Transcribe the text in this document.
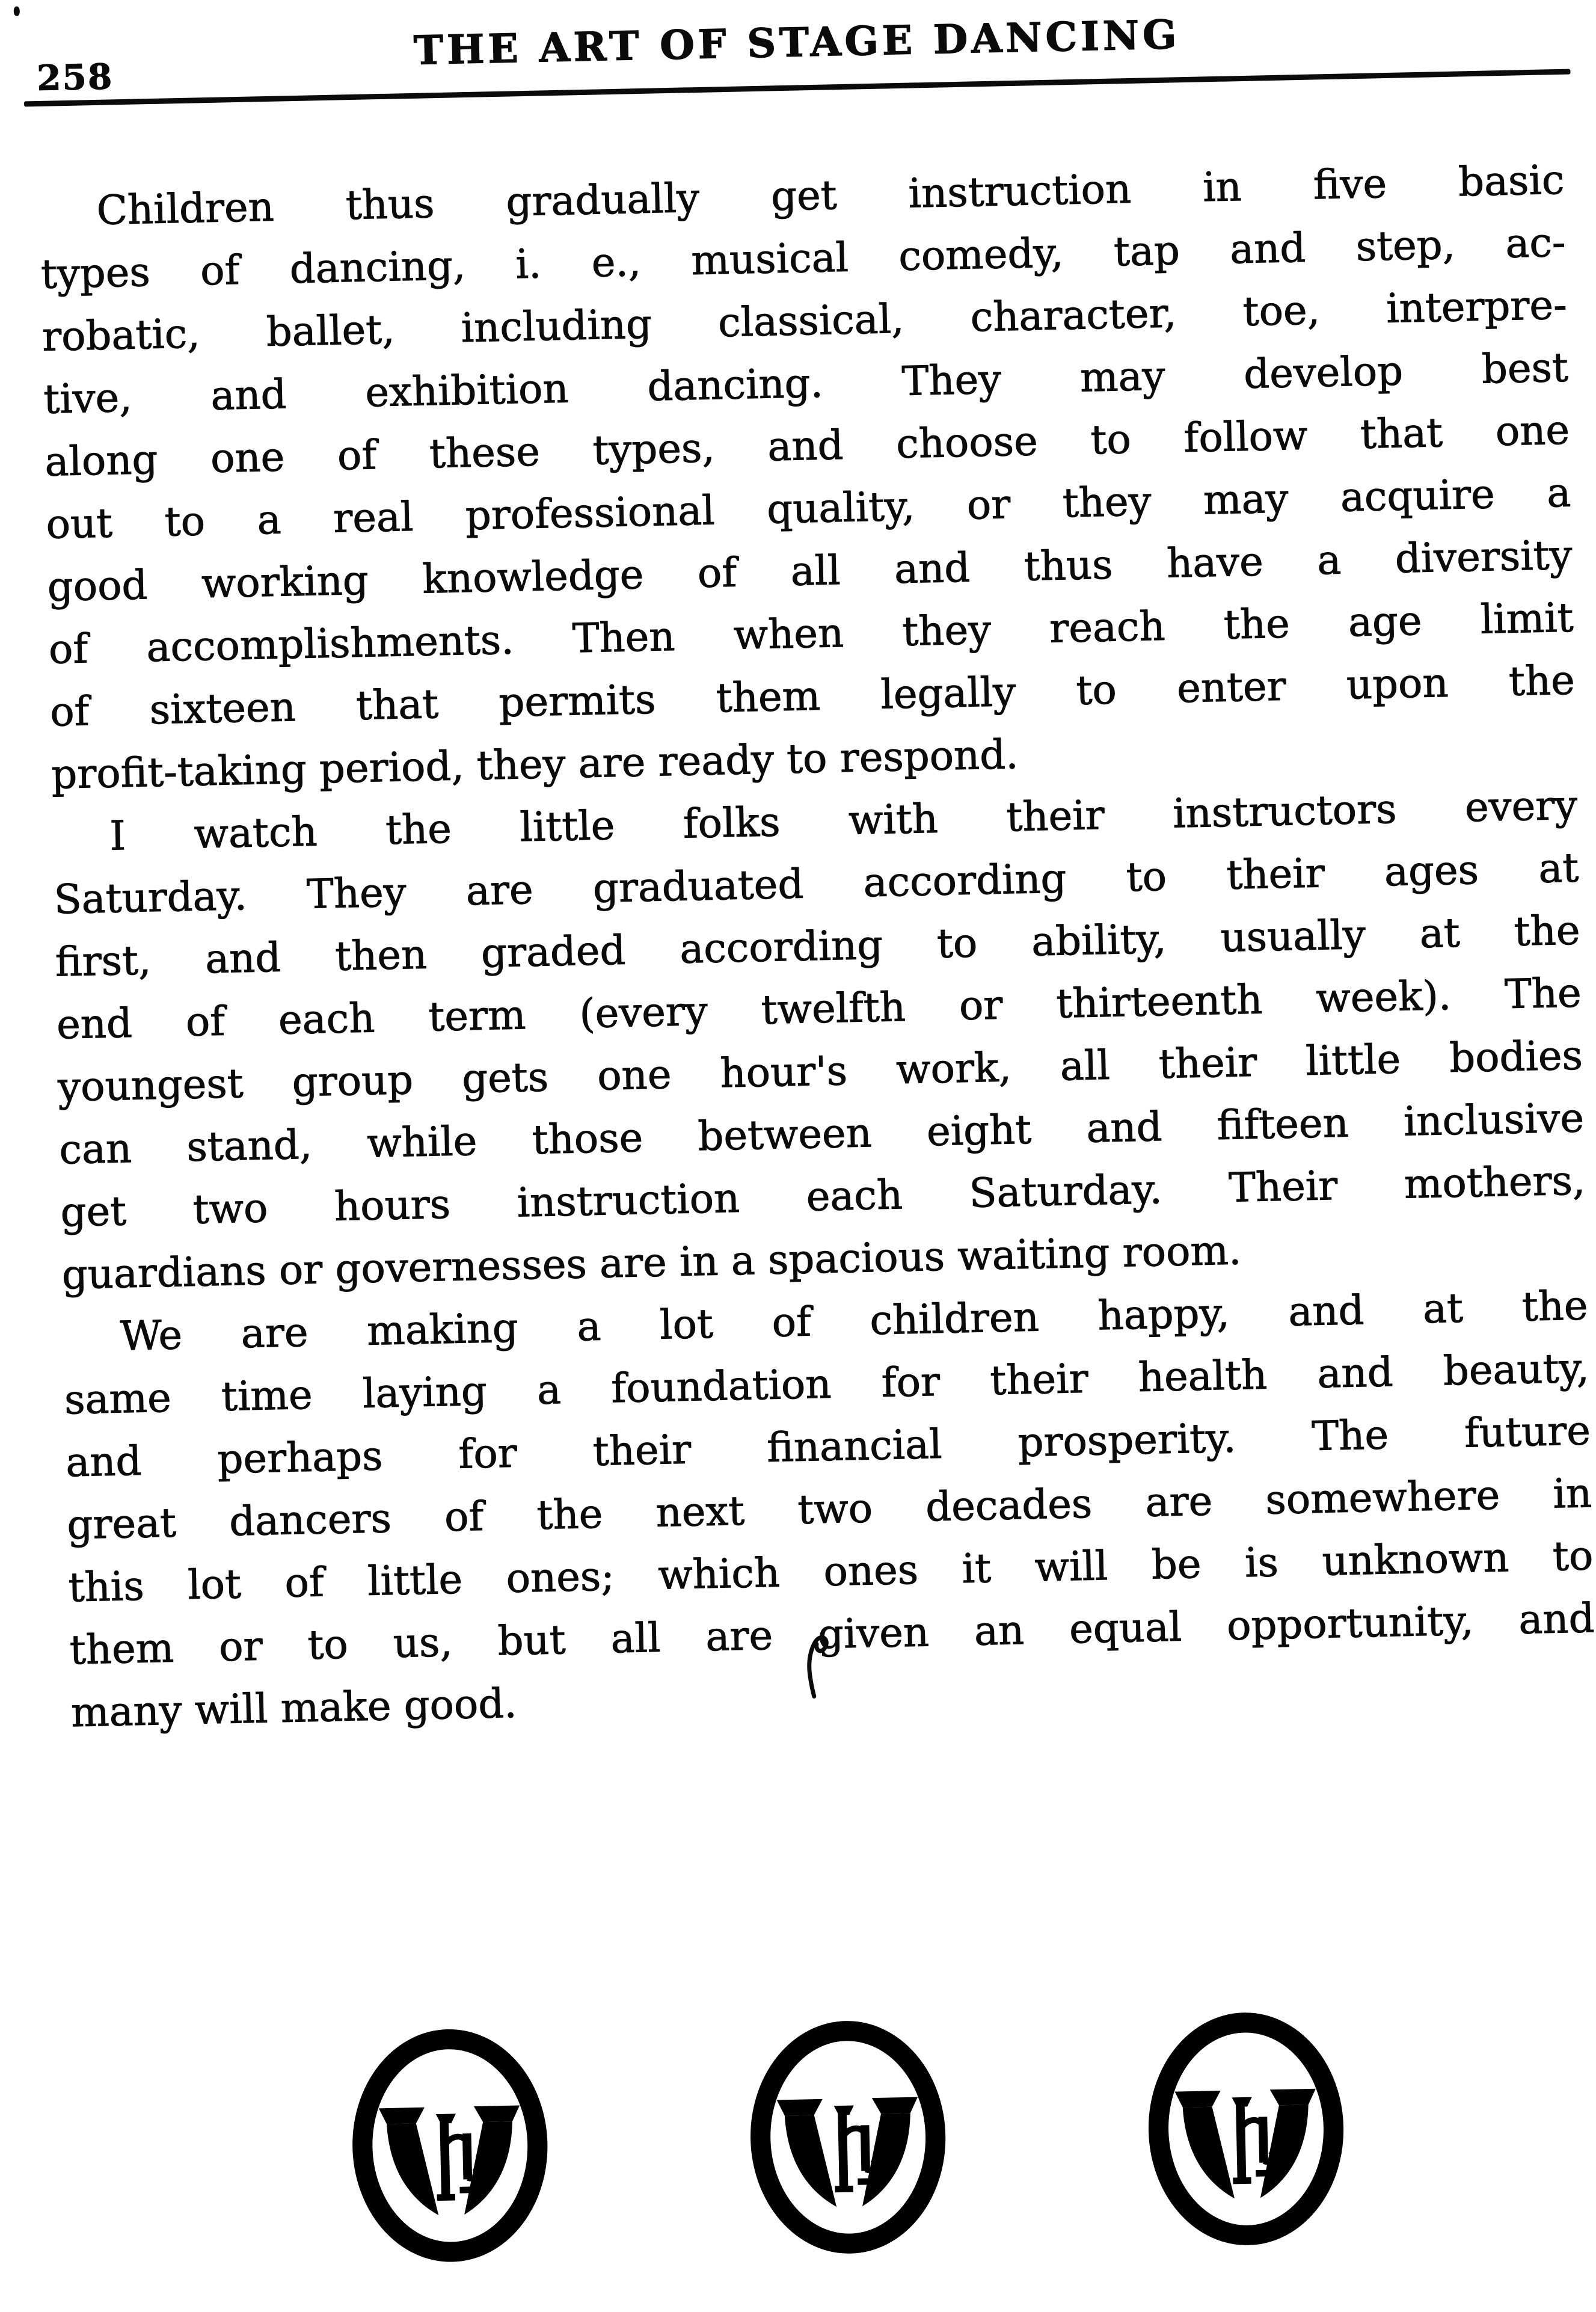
258
THE ART OF STAGE DANCING
Children thus gradually get instruction in five basic
types of dancing, i. e., musical comedy, tap and step, ac-
robatic, ballet, including classical, character, toe, interpre-
tive, and exhibition dancing. They may develop best
along one of these types, and choose to follow that one
out to a real professional quality, or they may acquire a
good working knowledge of all and thus have a diversity
of accomplishments. Then when they reach the age limit
of sixteen that permits them legally to enter upon the
profit-taking period, they are ready to respond.
I watch the little folks with their instructors every
Saturday. They are graduated according to their ages at
first, and then graded according to ability, usually at the
end of each term (every twelfth or thirteenth week). The
youngest group gets one hour's work, all their little bodies
can stand, while those between eight and fifteen inclusive
get two hours instruction each Saturday. Their mothers,
guardians or governesses are in a spacious waiting room.
We are making a lot of children happy, and at the
same time laying a foundation for their health and beauty,
and perhaps for their financial prosperity. The future
great dancers of the next two decades are somewhere in
this lot of little ones; which ones it will be is unknown to
them or to us, but all are given an equal opportunity, and
many will make good.
